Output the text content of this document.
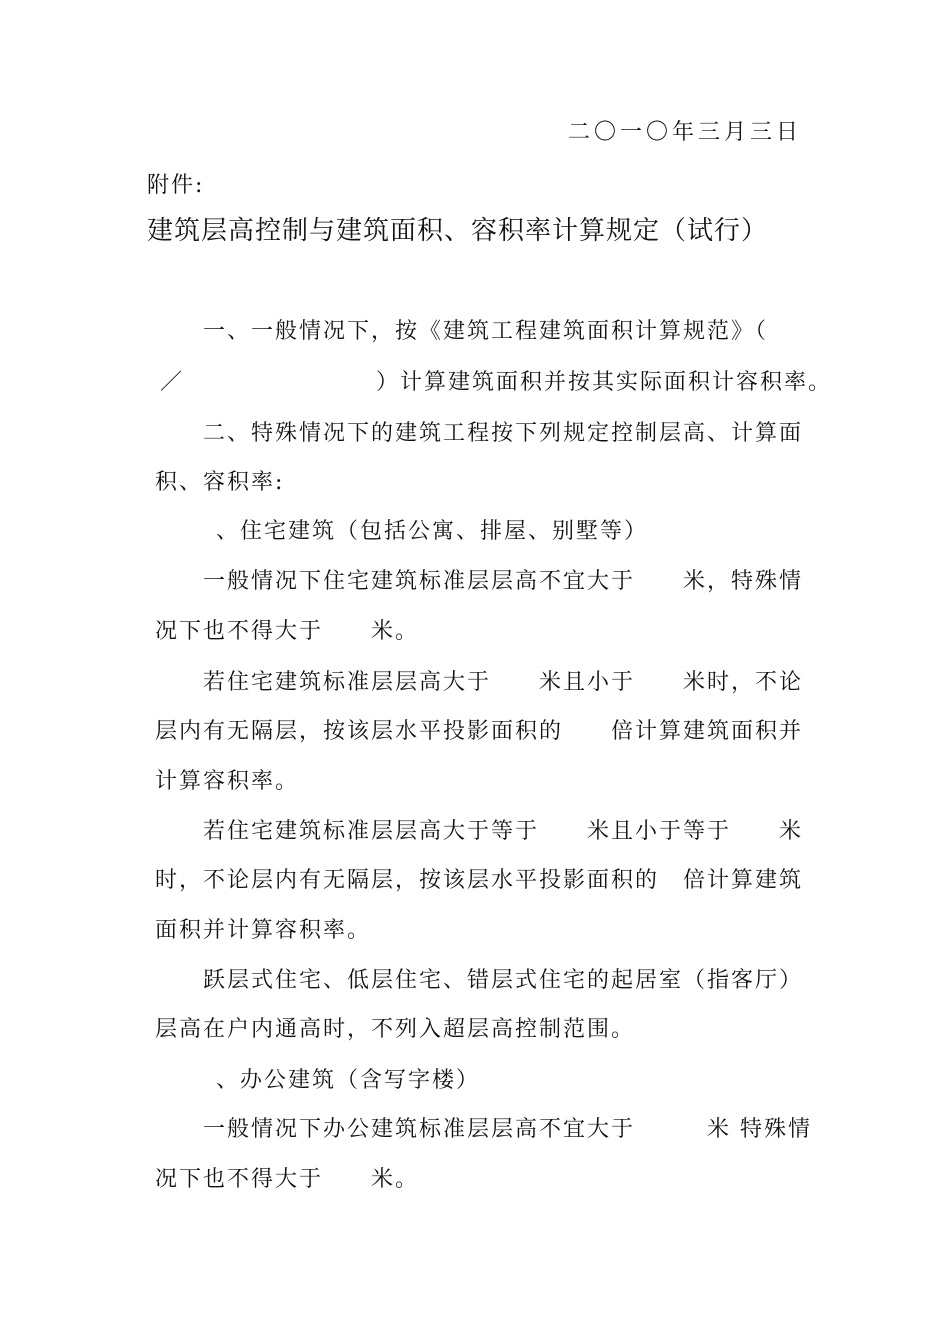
二〇一〇年三月三日
附件:
建筑层高控制与建筑面积、容积率计算规定（试行）
一、一般情况下，按《建筑工程建筑面积计算规范》（
／　　　　　　　　）计算建筑面积并按其实际面积计容积率。
二、特殊情况下的建筑工程按下列规定控制层高、计算面
积、容积率:
、住宅建筑（包括公寓、排屋、别墅等）
一般情况下住宅建筑标准层层高不宜大于　　米，特殊情
况下也不得大于　　米。
若住宅建筑标准层层高大于　　米且小于　　米时，不论
层内有无隔层，按该层水平投影面积的　　倍计算建筑面积并
计算容积率。
若住宅建筑标准层层高大于等于　　米且小于等于　　米
时，不论层内有无隔层，按该层水平投影面积的　倍计算建筑
面积并计算容积率。
跃层式住宅、低层住宅、错层式住宅的起居室（指客厅）
层高在户内通高时，不列入超层高控制范围。
、办公建筑（含写字楼）
一般情况下办公建筑标准层层高不宜大于　　　米 特殊情
况下也不得大于　　米。
